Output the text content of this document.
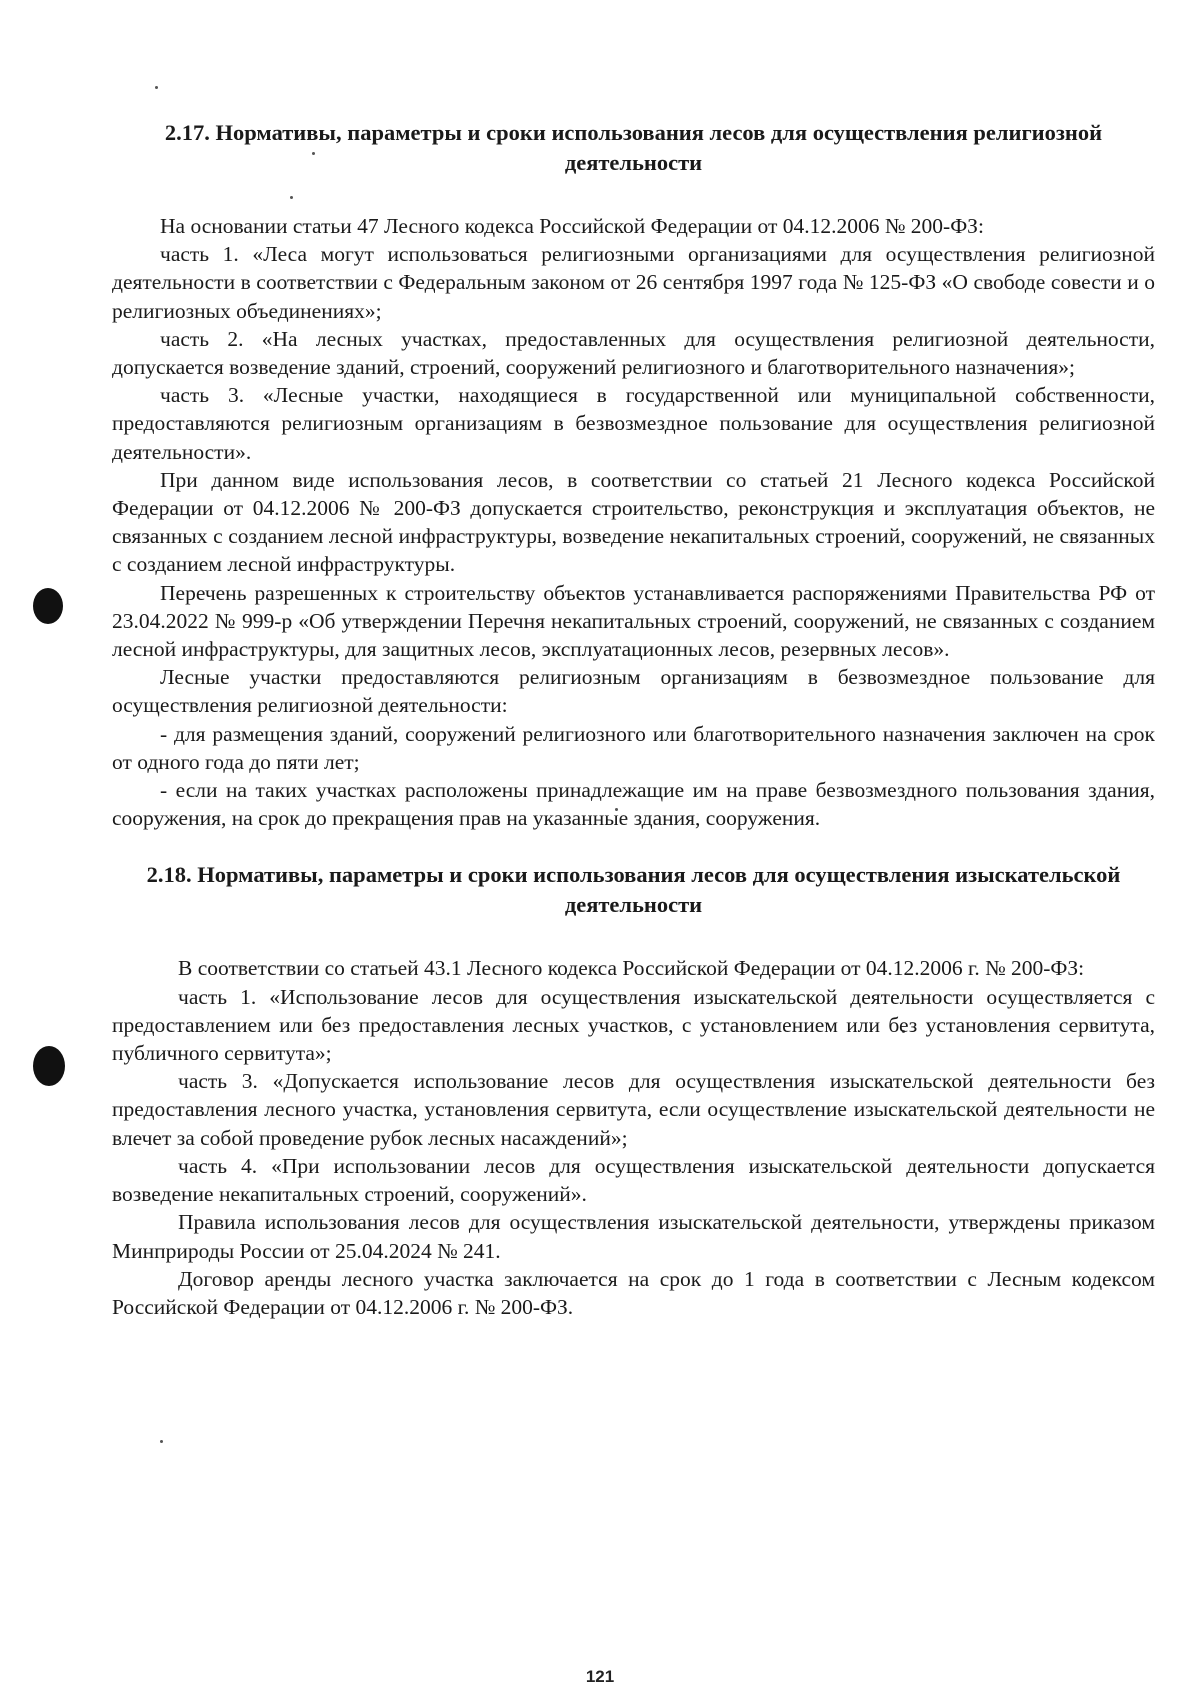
2.17. Нормативы, параметры и сроки использования лесов для осуществления религиозной деятельности

На основании статьи 47 Лесного кодекса Российской Федерации от 04.12.2006 № 200-ФЗ:

часть 1. «Леса могут использоваться религиозными организациями для осуществления религиозной деятельности в соответствии с Федеральным законом от 26 сентября 1997 года № 125-ФЗ «О свободе совести и о религиозных объединениях»;

часть 2. «На лесных участках, предоставленных для осуществления религиозной деятельности, допускается возведение зданий, строений, сооружений религиозного и благотворительного назначения»;

часть 3. «Лесные участки, находящиеся в государственной или муниципальной собственности, предоставляются религиозным организациям в безвозмездное пользование для осуществления религиозной деятельности».

При данном виде использования лесов, в соответствии со статьей 21 Лесного кодекса Российской Федерации от 04.12.2006 № 200-ФЗ допускается строительство, реконструкция и эксплуатация объектов, не связанных с созданием лесной инфраструктуры, возведение некапитальных строений, сооружений, не связанных с созданием лесной инфраструктуры.

Перечень разрешенных к строительству объектов устанавливается распоряжениями Правительства РФ от 23.04.2022 № 999-р «Об утверждении Перечня некапитальных строений, сооружений, не связанных с созданием лесной инфраструктуры, для защитных лесов, эксплуатационных лесов, резервных лесов».

Лесные участки предоставляются религиозным организациям в безвозмездное пользование для осуществления религиозной деятельности:

- для размещения зданий, сооружений религиозного или благотворительного назначения заключен на срок от одного года до пяти лет;

- если на таких участках расположены принадлежащие им на праве безвозмездного пользования здания, сооружения, на срок до прекращения прав на указанные здания, сооружения.

2.18. Нормативы, параметры и сроки использования лесов для осуществления изыскательской деятельности

В соответствии со статьей 43.1 Лесного кодекса Российской Федерации от 04.12.2006 г. № 200-ФЗ:

часть 1. «Использование лесов для осуществления изыскательской деятельности осуществляется с предоставлением или без предоставления лесных участков, с установлением или без установления сервитута, публичного сервитута»;

часть 3. «Допускается использование лесов для осуществления изыскательской деятельности без предоставления лесного участка, установления сервитута, если осуществление изыскательской деятельности не влечет за собой проведение рубок лесных насаждений»;

часть 4. «При использовании лесов для осуществления изыскательской деятельности допускается возведение некапитальных строений, сооружений».

Правила использования лесов для осуществления изыскательской деятельности, утверждены приказом Минприроды России от 25.04.2024 № 241.

Договор аренды лесного участка заключается на срок до 1 года в соответствии с Лесным кодексом Российской Федерации от 04.12.2006 г. № 200-ФЗ.

121
